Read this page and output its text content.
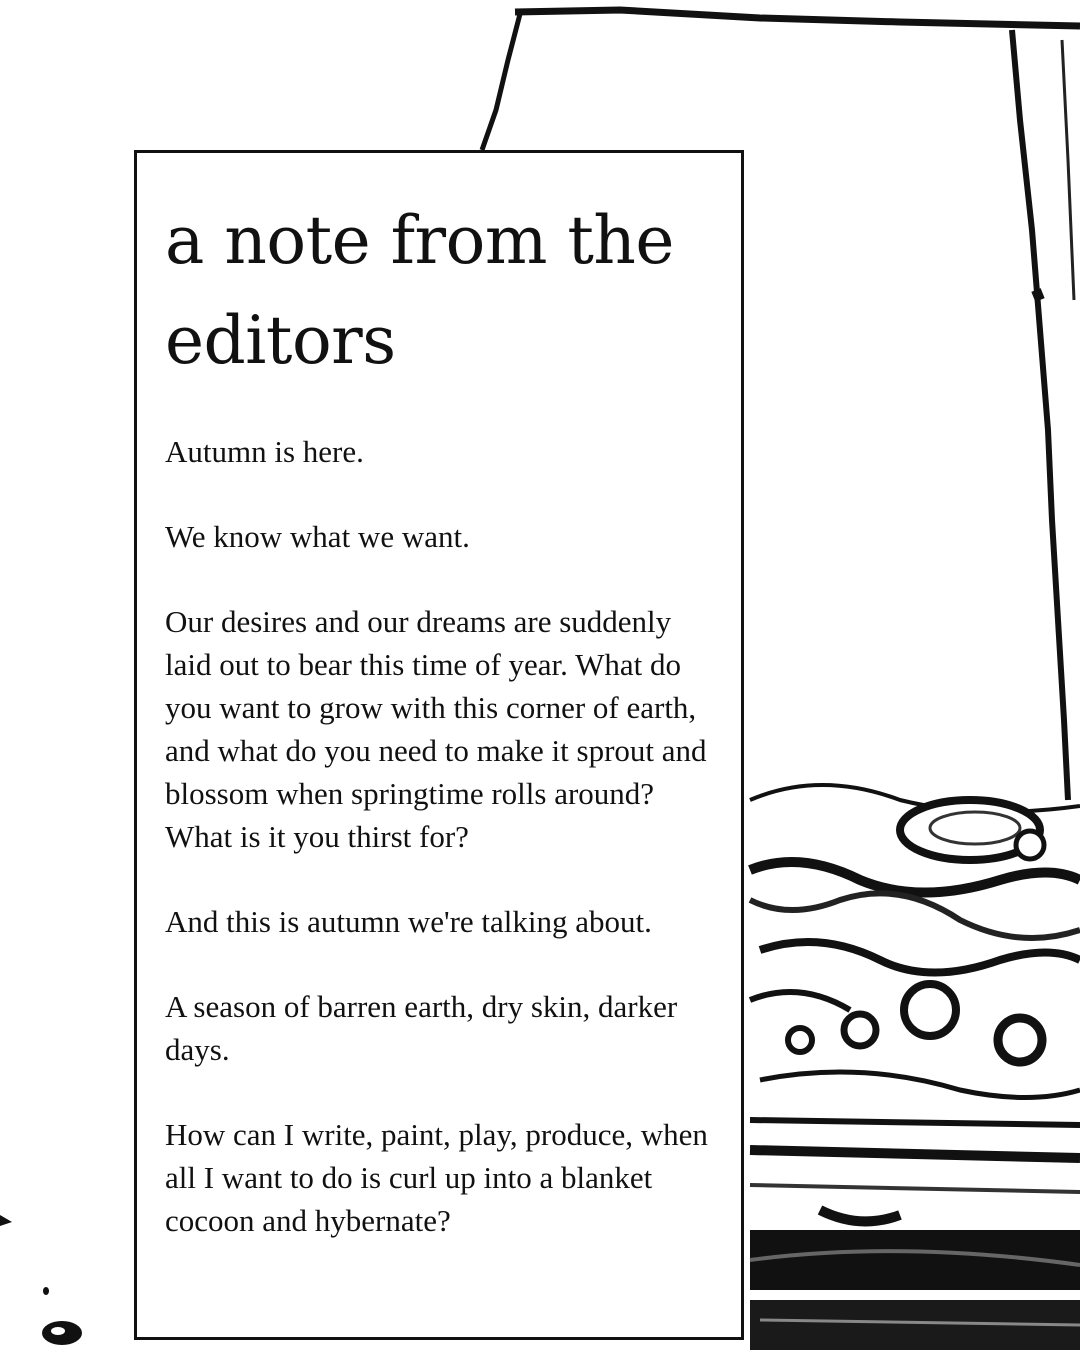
a note from the editors

Autumn is here.

We know what we want.

Our desires and our dreams are suddenly laid out to bear this time of year. What do you want to grow with this corner of earth, and what do you need to make it sprout and blossom when springtime rolls around? What is it you thirst for?

And this is autumn we're talking about.

A season of barren earth, dry skin, darker days.

How can I write, paint, play, produce, when all I want to do is curl up into a blanket cocoon and hybernate?
